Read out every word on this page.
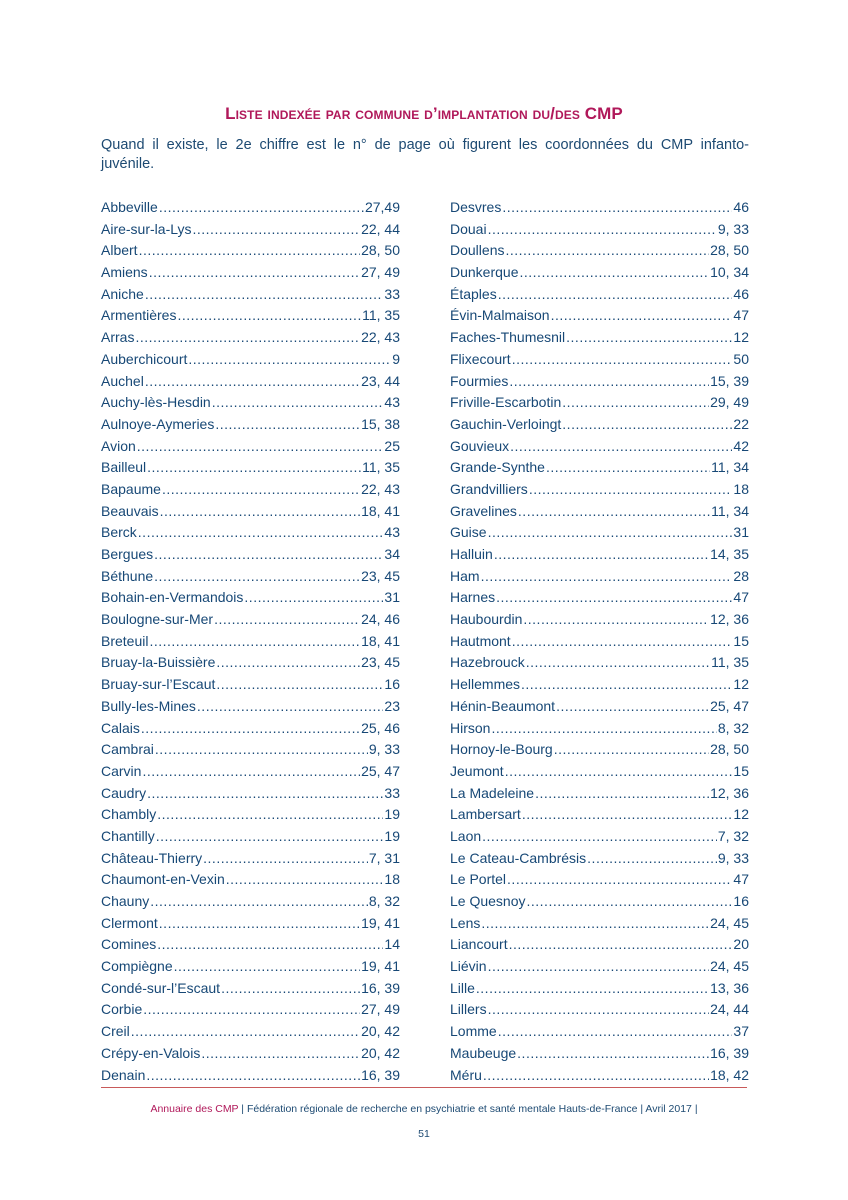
Liste indexée par commune d’implantation du/des CMP
Quand il existe, le 2e chiffre est le n° de page où figurent les coordonnées du CMP infanto-juvénile.
Abbeville .....	27,49
Aire-sur-la-Lys .....	22, 44
Albert .....	28, 50
Amiens .....	27, 49
Aniche .....	33
Armentières .....	11, 35
Arras .....	22, 43
Auberchicourt .....	9
Auchel .....	23, 44
Auchy-lès-Hesdin .....	43
Aulnoye-Aymeries .....	15, 38
Avion .....	25
Bailleul .....	11, 35
Bapaume .....	22, 43
Beauvais .....	18, 41
Berck .....	43
Bergues .....	34
Béthune .....	23, 45
Bohain-en-Vermandois .....	31
Boulogne-sur-Mer .....	24, 46
Breteuil .....	18, 41
Bruay-la-Buissière .....	23, 45
Bruay-sur-l’Escaut .....	16
Bully-les-Mines .....	23
Calais .....	25, 46
Cambrai .....	9, 33
Carvin .....	25, 47
Caudry .....	33
Chambly .....	19
Chantilly .....	19
Château-Thierry .....	7, 31
Chaumont-en-Vexin .....	18
Chauny .....	8, 32
Clermont .....	19, 41
Comines .....	14
Compiègne .....	19, 41
Condé-sur-l’Escaut .....	16, 39
Corbie .....	27, 49
Creil .....	20, 42
Crépy-en-Valois .....	20, 42
Denain .....	16, 39
Desvres .....	46
Douai .....	9, 33
Doullens .....	28, 50
Dunkerque .....	10, 34
Étaples .....	46
Évin-Malmaison .....	47
Faches-Thumesnil .....	12
Flixecourt .....	50
Fourmies .....	15, 39
Friville-Escarbotin .....	29, 49
Gauchin-Verloingt .....	22
Gouvieux .....	42
Grande-Synthe .....	11, 34
Grandvilliers .....	18
Gravelines .....	11, 34
Guise .....	31
Halluin .....	14, 35
Ham .....	28
Harnes .....	47
Haubourdin .....	12, 36
Hautmont .....	15
Hazebrouck .....	11, 35
Hellemmes .....	12
Hénin-Beaumont .....	25, 47
Hirson .....	8, 32
Hornoy-le-Bourg .....	28, 50
Jeumont .....	15
La Madeleine .....	12, 36
Lambersart .....	12
Laon .....	7, 32
Le Cateau-Cambrésis .....	9, 33
Le Portel .....	47
Le Quesnoy .....	16
Lens .....	24, 45
Liancourt .....	20
Liévin .....	24, 45
Lille .....	13, 36
Lillers .....	24, 44
Lomme .....	37
Maubeuge .....	16, 39
Méru .....	18, 42
Annuaire des CMP | Fédération régionale de recherche en psychiatrie et santé mentale Hauts-de-France | Avril 2017 |
51
